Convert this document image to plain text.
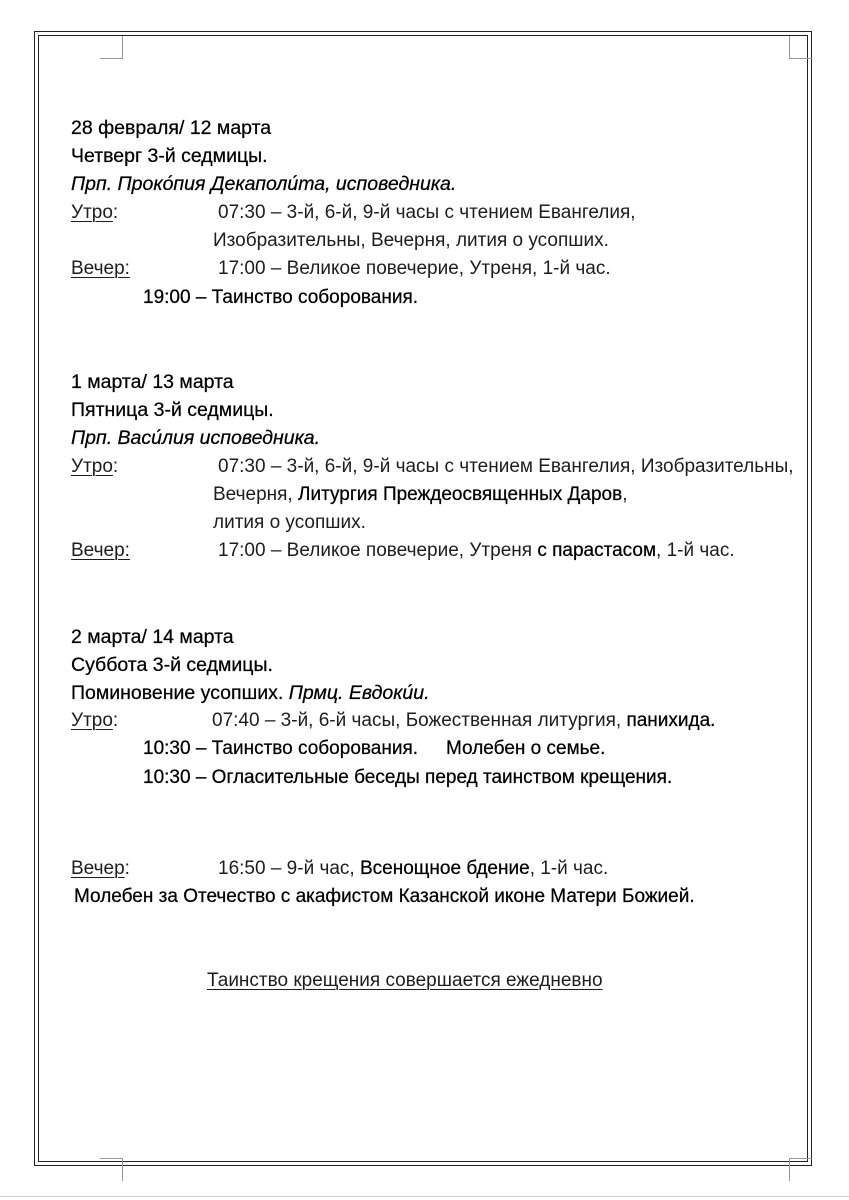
28 февраля/ 12 марта
Четверг 3-й седмицы.
Прп. Проко́пия Декаполи́та, исповедника.
Утро:	07:30 – 3-й, 6-й, 9-й часы с чтением Евангелия,
Изобразительны, Вечерня, лития о усопших.
Вечер:	17:00 – Великое повечерие, Утреня, 1-й час.
19:00 – Таинство соборования.
1 марта/ 13 марта
Пятница 3-й седмицы.
Прп. Васи́лия исповедника.
Утро:	07:30 – 3-й, 6-й, 9-й часы с чтением Евангелия, Изобразительны,
Вечерня, Литургия Преждеосвященных Даров,
лития о усопших.
Вечер:	17:00 – Великое повечерие, Утреня с парастасом, 1-й час.
2 марта/ 14 марта
Суббота 3-й седмицы.
Поминовение усопших. Прмц. Евдоки́и.
Утро:	07:40 – 3-й, 6-й часы, Божественная литургия, панихида.
10:30 – Таинство соборования. Молебен о семье.
10:30 – Огласительные беседы перед таинством крещения.
Вечер:	16:50 – 9-й час, Всенощное бдение, 1-й час.
Молебен за Отечество с акафистом Казанской иконе Матери Божией.
Таинство крещения совершается ежедневно
